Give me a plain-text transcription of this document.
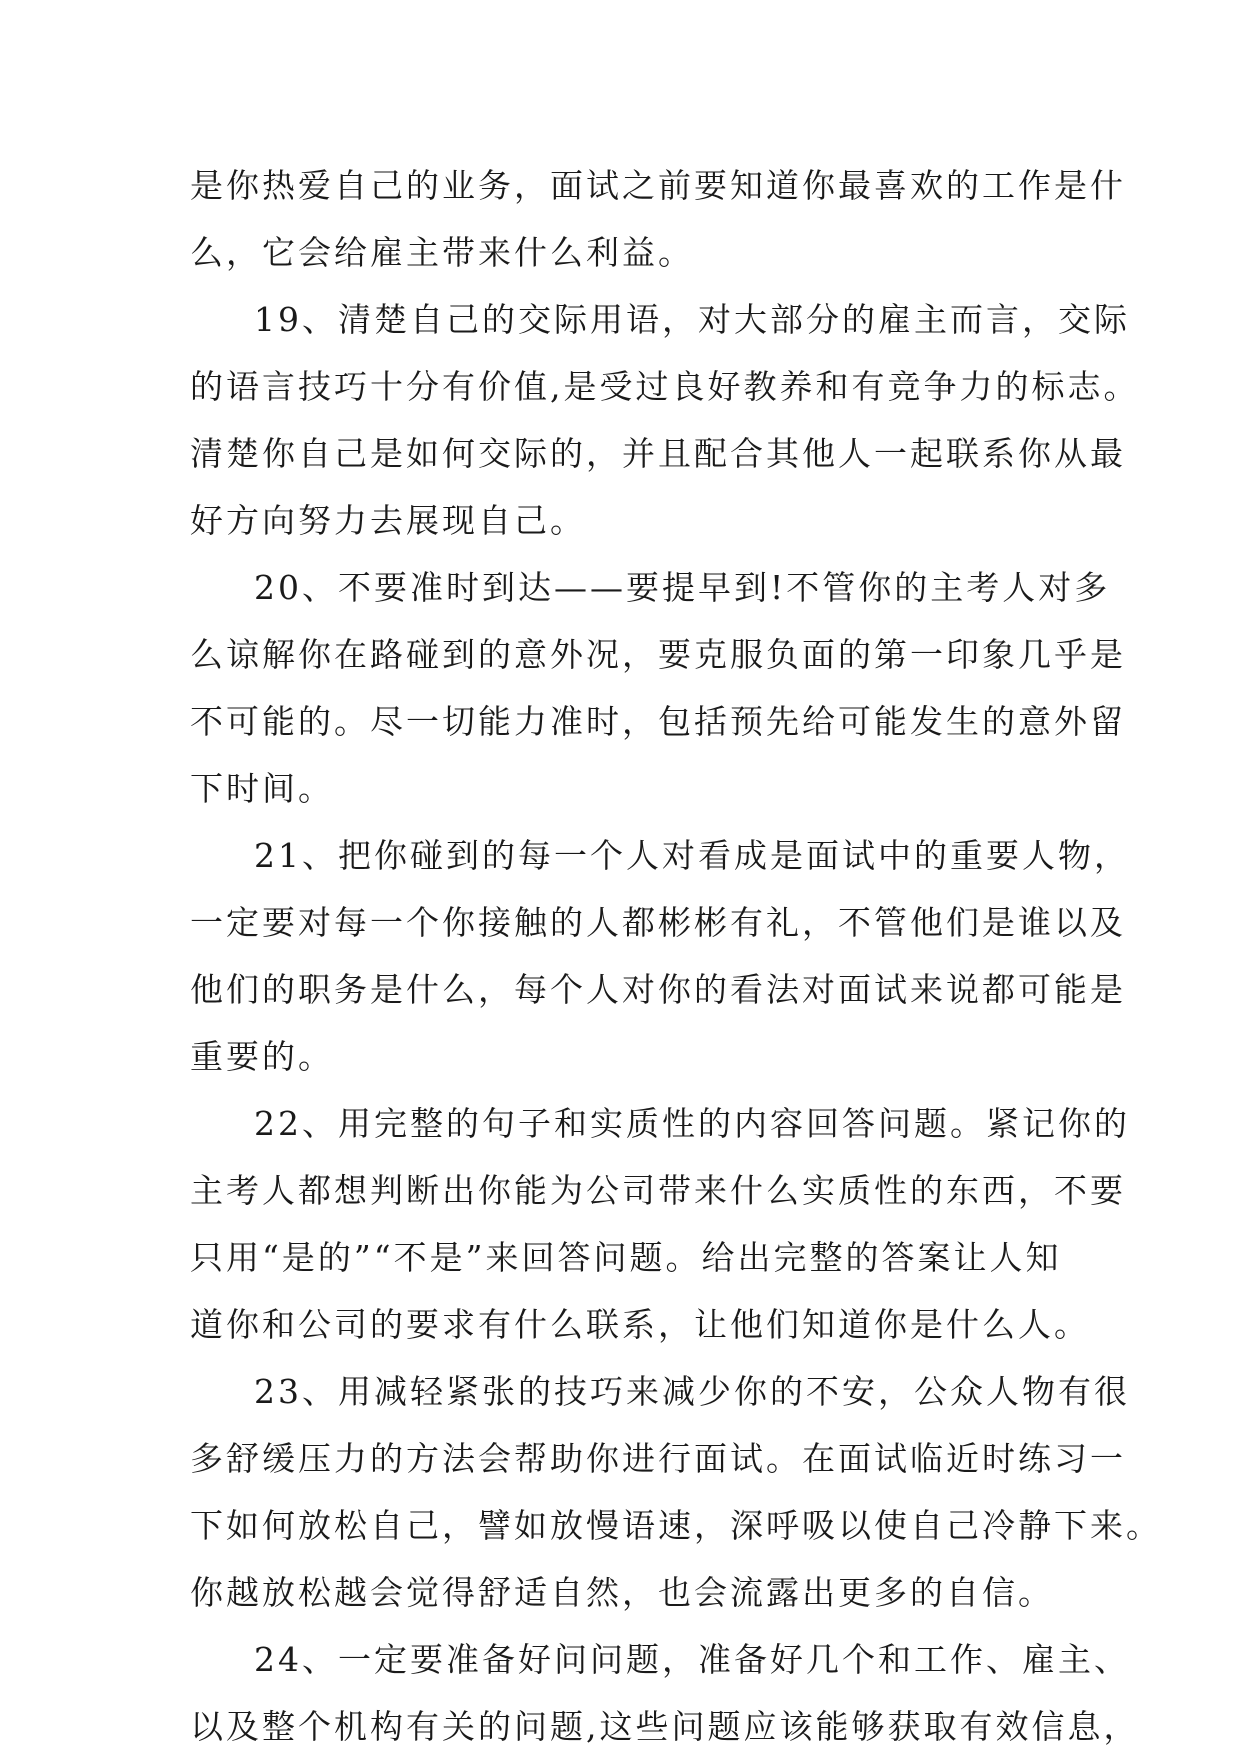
是你热爱自己的业务，面试之前要知道你最喜欢的工作是什
么，它会给雇主带来什么利益。
19、清楚自己的交际用语，对大部分的雇主而言，交际
的语言技巧十分有价值,是受过良好教养和有竞争力的标志。
清楚你自己是如何交际的，并且配合其他人一起联系你从最
好方向努力去展现自己。
20、不要准时到达——要提早到!不管你的主考人对多
么谅解你在路碰到的意外况，要克服负面的第一印象几乎是
不可能的。尽一切能力准时，包括预先给可能发生的意外留
下时间。
21、把你碰到的每一个人对看成是面试中的重要人物，
一定要对每一个你接触的人都彬彬有礼，不管他们是谁以及
他们的职务是什么，每个人对你的看法对面试来说都可能是
重要的。
22、用完整的句子和实质性的内容回答问题。紧记你的
主考人都想判断出你能为公司带来什么实质性的东西，不要
只用“是的”“不是”来回答问题。给出完整的答案让人知
道你和公司的要求有什么联系，让他们知道你是什么人。
23、用减轻紧张的技巧来减少你的不安，公众人物有很
多舒缓压力的方法会帮助你进行面试。在面试临近时练习一
下如何放松自己，譬如放慢语速，深呼吸以使自己冷静下来。
你越放松越会觉得舒适自然，也会流露出更多的自信。
24、一定要准备好问问题，准备好几个和工作、雇主、
以及整个机构有关的问题,这些问题应该能够获取有效信息，
